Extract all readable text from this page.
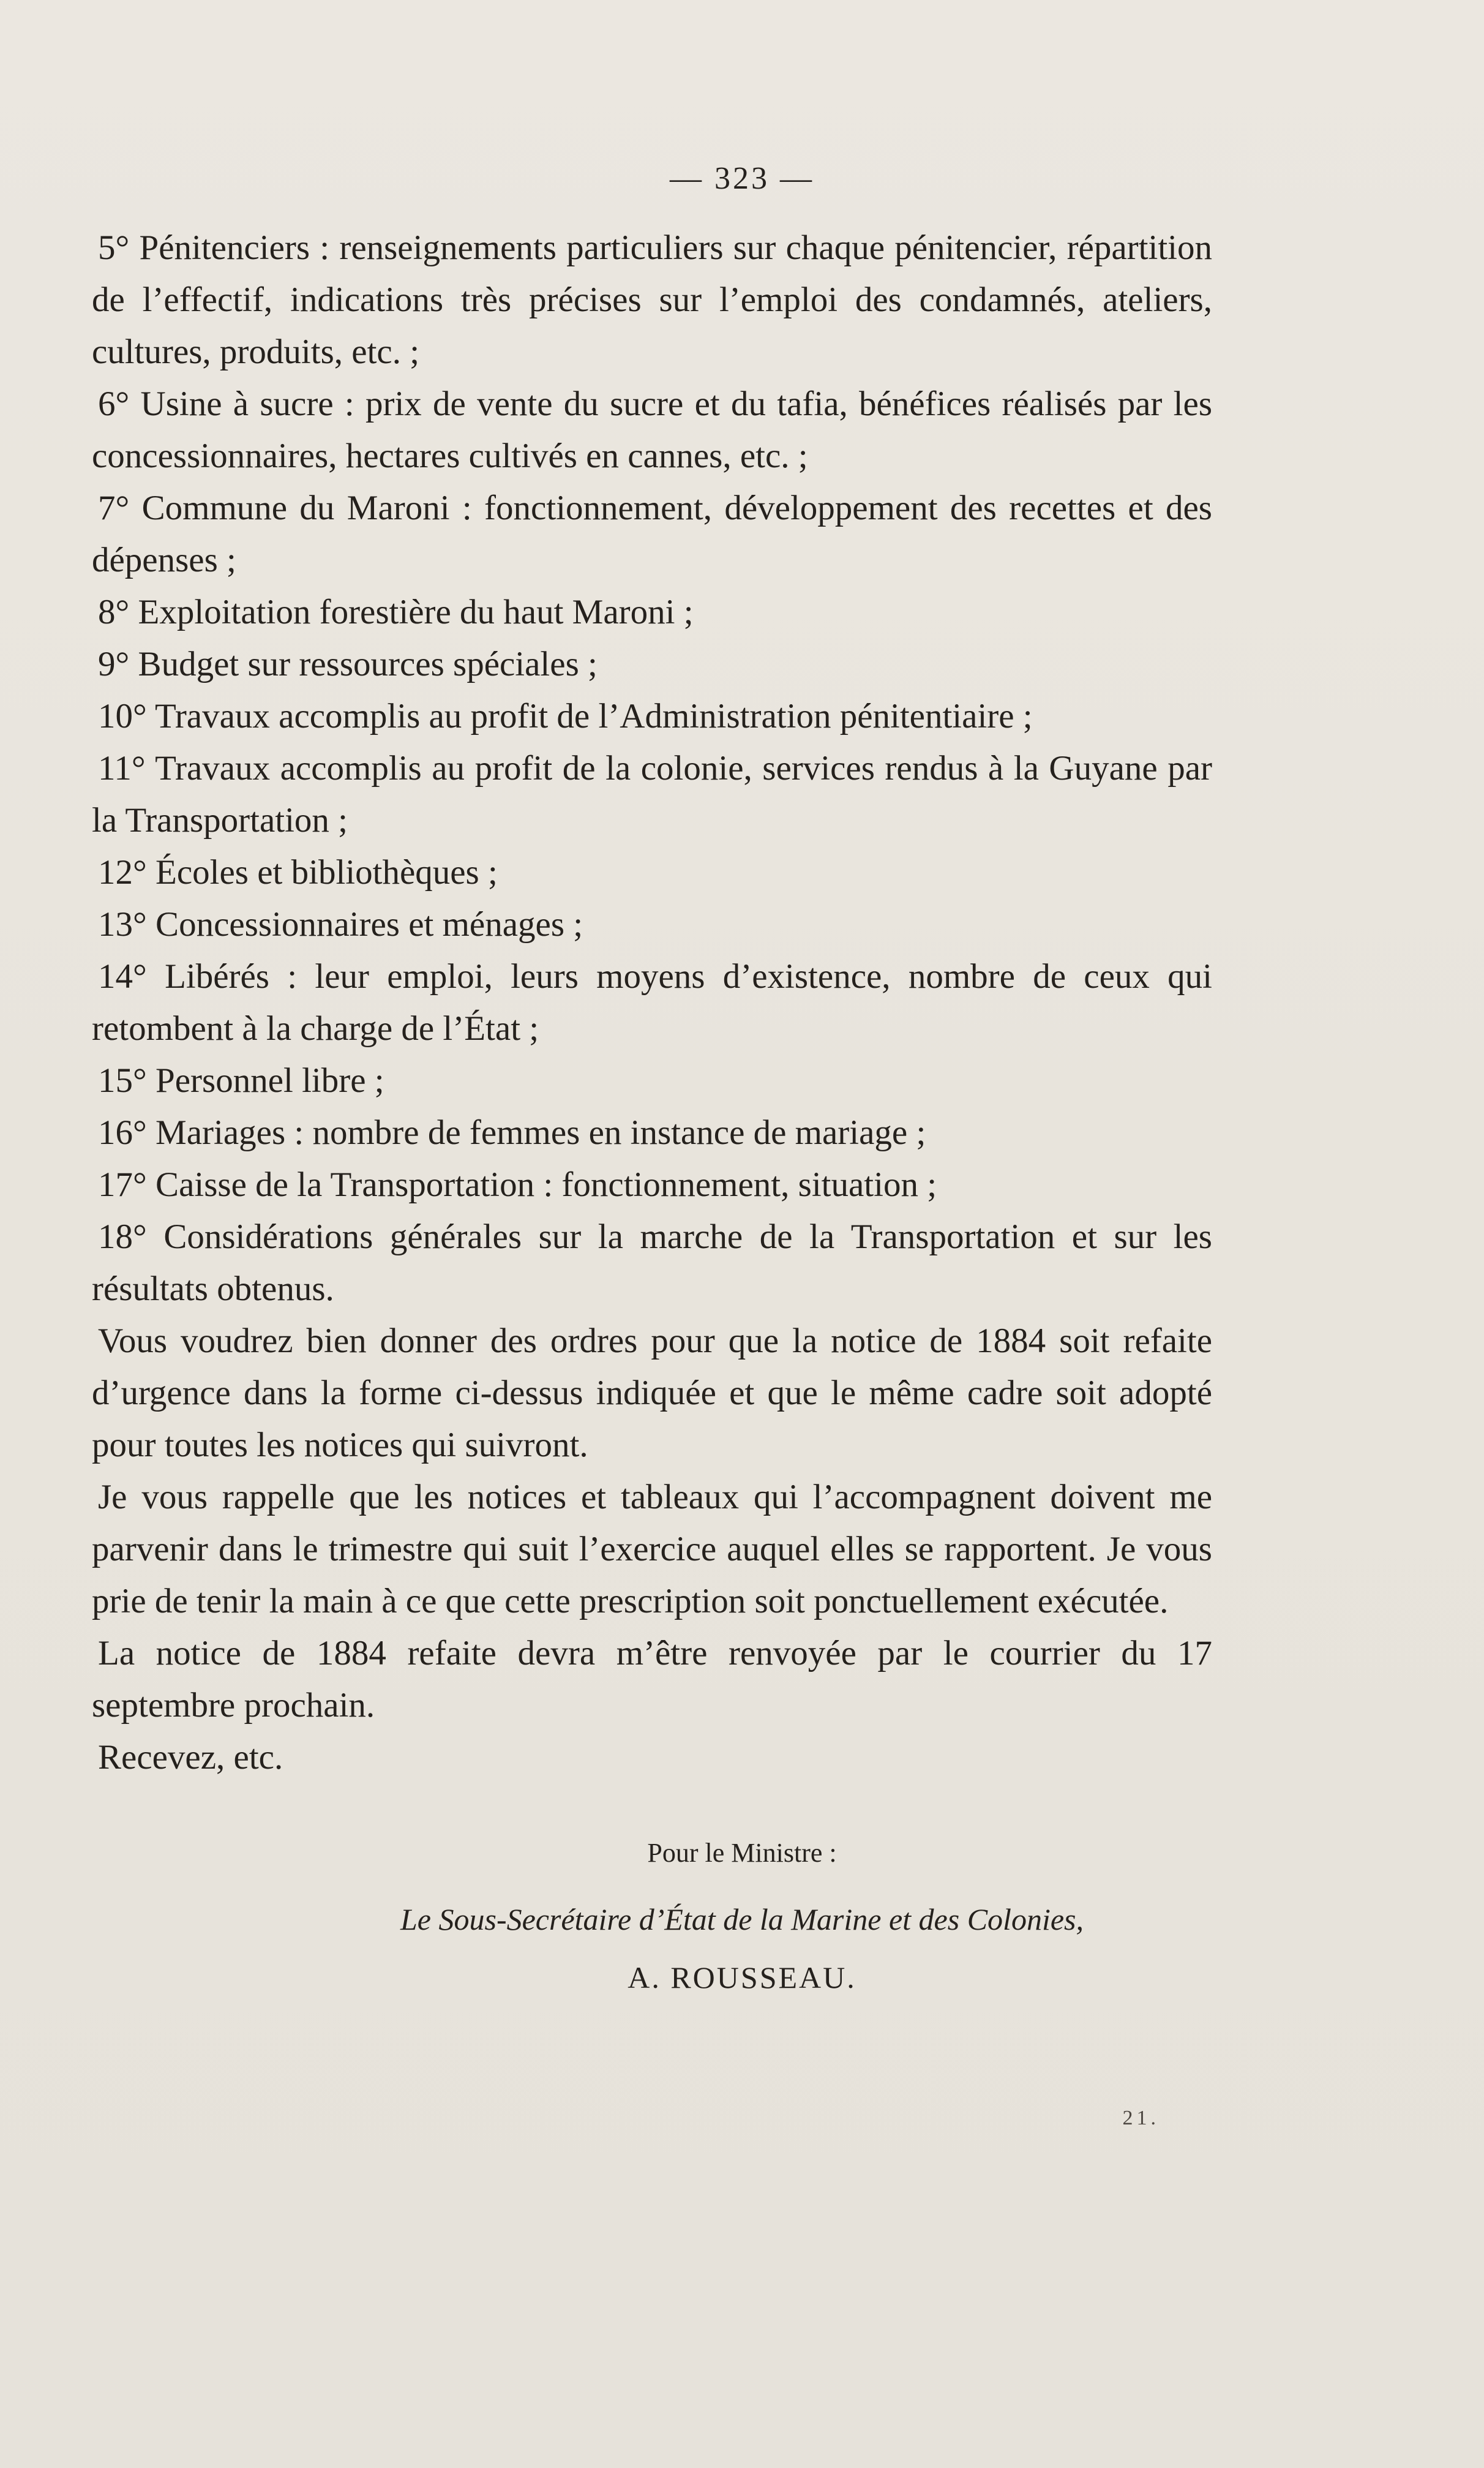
— 323 —

5° Pénitenciers : renseignements particuliers sur chaque pénitencier, répartition de l’effectif, indications très précises sur l’emploi des condamnés, ateliers, cultures, produits, etc. ;

6° Usine à sucre : prix de vente du sucre et du tafia, bénéfices réalisés par les concessionnaires, hectares cultivés en cannes, etc. ;

7° Commune du Maroni : fonctionnement, développement des recettes et des dépenses ;

8° Exploitation forestière du haut Maroni ;

9° Budget sur ressources spéciales ;

10° Travaux accomplis au profit de l’Administration pénitentiaire ;

11° Travaux accomplis au profit de la colonie, services rendus à la Guyane par la Transportation ;

12° Écoles et bibliothèques ;

13° Concessionnaires et ménages ;

14° Libérés : leur emploi, leurs moyens d’existence, nombre de ceux qui retombent à la charge de l’État ;

15° Personnel libre ;

16° Mariages : nombre de femmes en instance de mariage ;

17° Caisse de la Transportation : fonctionnement, situation ;

18° Considérations générales sur la marche de la Transportation et sur les résultats obtenus.

Vous voudrez bien donner des ordres pour que la notice de 1884 soit refaite d’urgence dans la forme ci-dessus indiquée et que le même cadre soit adopté pour toutes les notices qui suivront.

Je vous rappelle que les notices et tableaux qui l’accompagnent doivent me parvenir dans le trimestre qui suit l’exercice auquel elles se rapportent. Je vous prie de tenir la main à ce que cette prescription soit ponctuellement exécutée.

La notice de 1884 refaite devra m’être renvoyée par le courrier du 17 septembre prochain.

Recevez, etc.

Pour le Ministre :
Le Sous-Secrétaire d’État de la Marine et des Colonies,
A. ROUSSEAU.
21.
